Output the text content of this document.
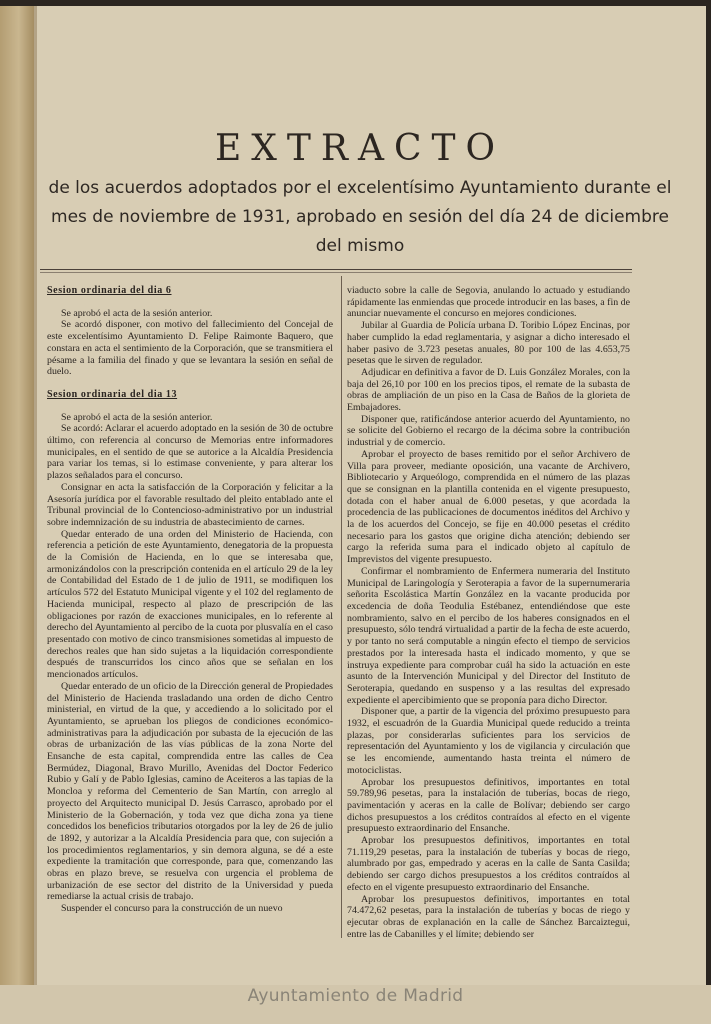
EXTRACTO

de los acuerdos adoptados por el excelentísimo Ayuntamiento durante el mes de noviembre de 1931, aprobado en sesión del día 24 de diciembre del mismo

Sesion ordinaria del dia 6

Se aprobó el acta de la sesión anterior.

Se acordó disponer, con motivo del fallecimiento del Concejal de este excelentísimo Ayuntamiento D. Felipe Raimonte Baquero, que constara en acta el sentimiento de la Corporación, que se transmitiera el pésame a la familia del finado y que se levantara la sesión en señal de duelo.

Sesion ordinaria del dia 13

Se aprobó el acta de la sesión anterior.

Se acordó: Aclarar el acuerdo adoptado en la sesión de 30 de octubre último, con referencia al concurso de Memorias entre informadores municipales, en el sentido de que se autorice a la Alcaldía Presidencia para variar los temas, si lo estimase conveniente, y para alterar los plazos señalados para el concurso.

Consignar en acta la satisfacción de la Corporación y felicitar a la Asesoría jurídica por el favorable resultado del pleito entablado ante el Tribunal provincial de lo Contencioso-administrativo por un industrial sobre indemnización de su industria de abastecimiento de carnes.

Quedar enterado de una orden del Ministerio de Hacienda, con referencia a petición de este Ayuntamiento, denegatoria de la propuesta de la Comisión de Hacienda, en lo que se interesaba que, armonizándolos con la prescripción contenida en el artículo 29 de la ley de Contabilidad del Estado de 1 de julio de 1911, se modifiquen los artículos 572 del Estatuto Municipal vigente y el 102 del reglamento de Hacienda municipal, respecto al plazo de prescripción de las obligaciones por razón de exacciones municipales, en lo referente al derecho del Ayuntamiento al percibo de la cuota por plusvalía en el caso presentado con motivo de cinco transmisiones sometidas al impuesto de derechos reales que han sido sujetas a la liquidación correspondiente después de transcurridos los cinco años que se señalan en los mencionados artículos.

Quedar enterado de un oficio de la Dirección general de Propiedades del Ministerio de Hacienda trasladando una orden de dicho Centro ministerial, en virtud de la que, y accediendo a lo solicitado por el Ayuntamiento, se aprueban los pliegos de condiciones económico-administrativas para la adjudicación por subasta de la ejecución de las obras de urbanización de las vías públicas de la zona Norte del Ensanche de esta capital, comprendida entre las calles de Cea Bermúdez, Diagonal, Bravo Murillo, Avenidas del Doctor Federico Rubio y Galí y de Pablo Iglesias, camino de Aceiteros a las tapias de la Moncloa y reforma del Cementerio de San Martín, con arreglo al proyecto del Arquitecto municipal D. Jesús Carrasco, aprobado por el Ministerio de la Gobernación, y toda vez que dicha zona ya tiene concedidos los beneficios tributarios otorgados por la ley de 26 de julio de 1892, y autorizar a la Alcaldía Presidencia para que, con sujeción a los procedimientos reglamentarios, y sin demora alguna, se dé a este expediente la tramitación que corresponde, para que, comenzando las obras en plazo breve, se resuelva con urgencia el problema de urbanización de ese sector del distrito de la Universidad y pueda remediarse la actual crisis de trabajo.

Suspender el concurso para la construcción de un nuevo

viaducto sobre la calle de Segovia, anulando lo actuado y estudiando rápidamente las enmiendas que procede introducir en las bases, a fin de anunciar nuevamente el concurso en mejores condiciones.

Jubilar al Guardia de Policía urbana D. Toribio López Encinas, por haber cumplido la edad reglamentaria, y asignar a dicho interesado el haber pasivo de 3.723 pesetas anuales, 80 por 100 de las 4.653,75 pesetas que le sirven de regulador.

Adjudicar en definitiva a favor de D. Luis González Morales, con la baja del 26,10 por 100 en los precios tipos, el remate de la subasta de obras de ampliación de un piso en la Casa de Baños de la glorieta de Embajadores.

Disponer que, ratificándose anterior acuerdo del Ayuntamiento, no se solicite del Gobierno el recargo de la décima sobre la contribución industrial y de comercio.

Aprobar el proyecto de bases remitido por el señor Archivero de Villa para proveer, mediante oposición, una vacante de Archivero, Bibliotecario y Arqueólogo, comprendida en el número de las plazas que se consignan en la plantilla contenida en el vigente presupuesto, dotada con el haber anual de 6.000 pesetas, y que acordada la procedencia de las publicaciones de documentos inéditos del Archivo y la de los acuerdos del Concejo, se fije en 40.000 pesetas el crédito necesario para los gastos que origine dicha atención; debiendo ser cargo la referida suma para el indicado objeto al capítulo de Imprevistos del vigente presupuesto.

Confirmar el nombramiento de Enfermera numeraria del Instituto Municipal de Laringología y Seroterapia a favor de la supernumeraria señorita Escolástica Martín González en la vacante producida por excedencia de doña Teodulia Estébanez, entendiéndose que este nombramiento, salvo en el percibo de los haberes consignados en el presupuesto, sólo tendrá virtualidad a partir de la fecha de este acuerdo, y por tanto no será computable a ningún efecto el tiempo de servicios prestados por la interesada hasta el indicado momento, y que se instruya expediente para comprobar cuál ha sido la actuación en este asunto de la Intervención Municipal y del Director del Instituto de Seroterapia, quedando en suspenso y a las resultas del expresado expediente el apercibimiento que se proponía para dicho Director.

Disponer que, a partir de la vigencia del próximo presupuesto para 1932, el escuadrón de la Guardia Municipal quede reducido a treinta plazas, por considerarlas suficientes para los servicios de representación del Ayuntamiento y los de vigilancia y circulación que se les encomiende, aumentando hasta treinta el número de motociclistas.

Aprobar los presupuestos definitivos, importantes en total 59.789,96 pesetas, para la instalación de tuberías, bocas de riego, pavimentación y aceras en la calle de Bolívar; debiendo ser cargo dichos presupuestos a los créditos contraídos al efecto en el vigente presupuesto extraordinario del Ensanche.

Aprobar los presupuestos definitivos, importantes en total 71.119,29 pesetas, para la instalación de tuberías y bocas de riego, alumbrado por gas, empedrado y aceras en la calle de Santa Casilda; debiendo ser cargo dichos presupuestos a los créditos contraídos al efecto en el vigente presupuesto extraordinario del Ensanche.

Aprobar los presupuestos definitivos, importantes en total 74.472,62 pesetas, para la instalación de tuberías y bocas de riego y ejecutar obras de explanación en la calle de Sánchez Barcaiztegui, entre las de Cabanilles y el límite; debiendo ser

Ayuntamiento de Madrid
